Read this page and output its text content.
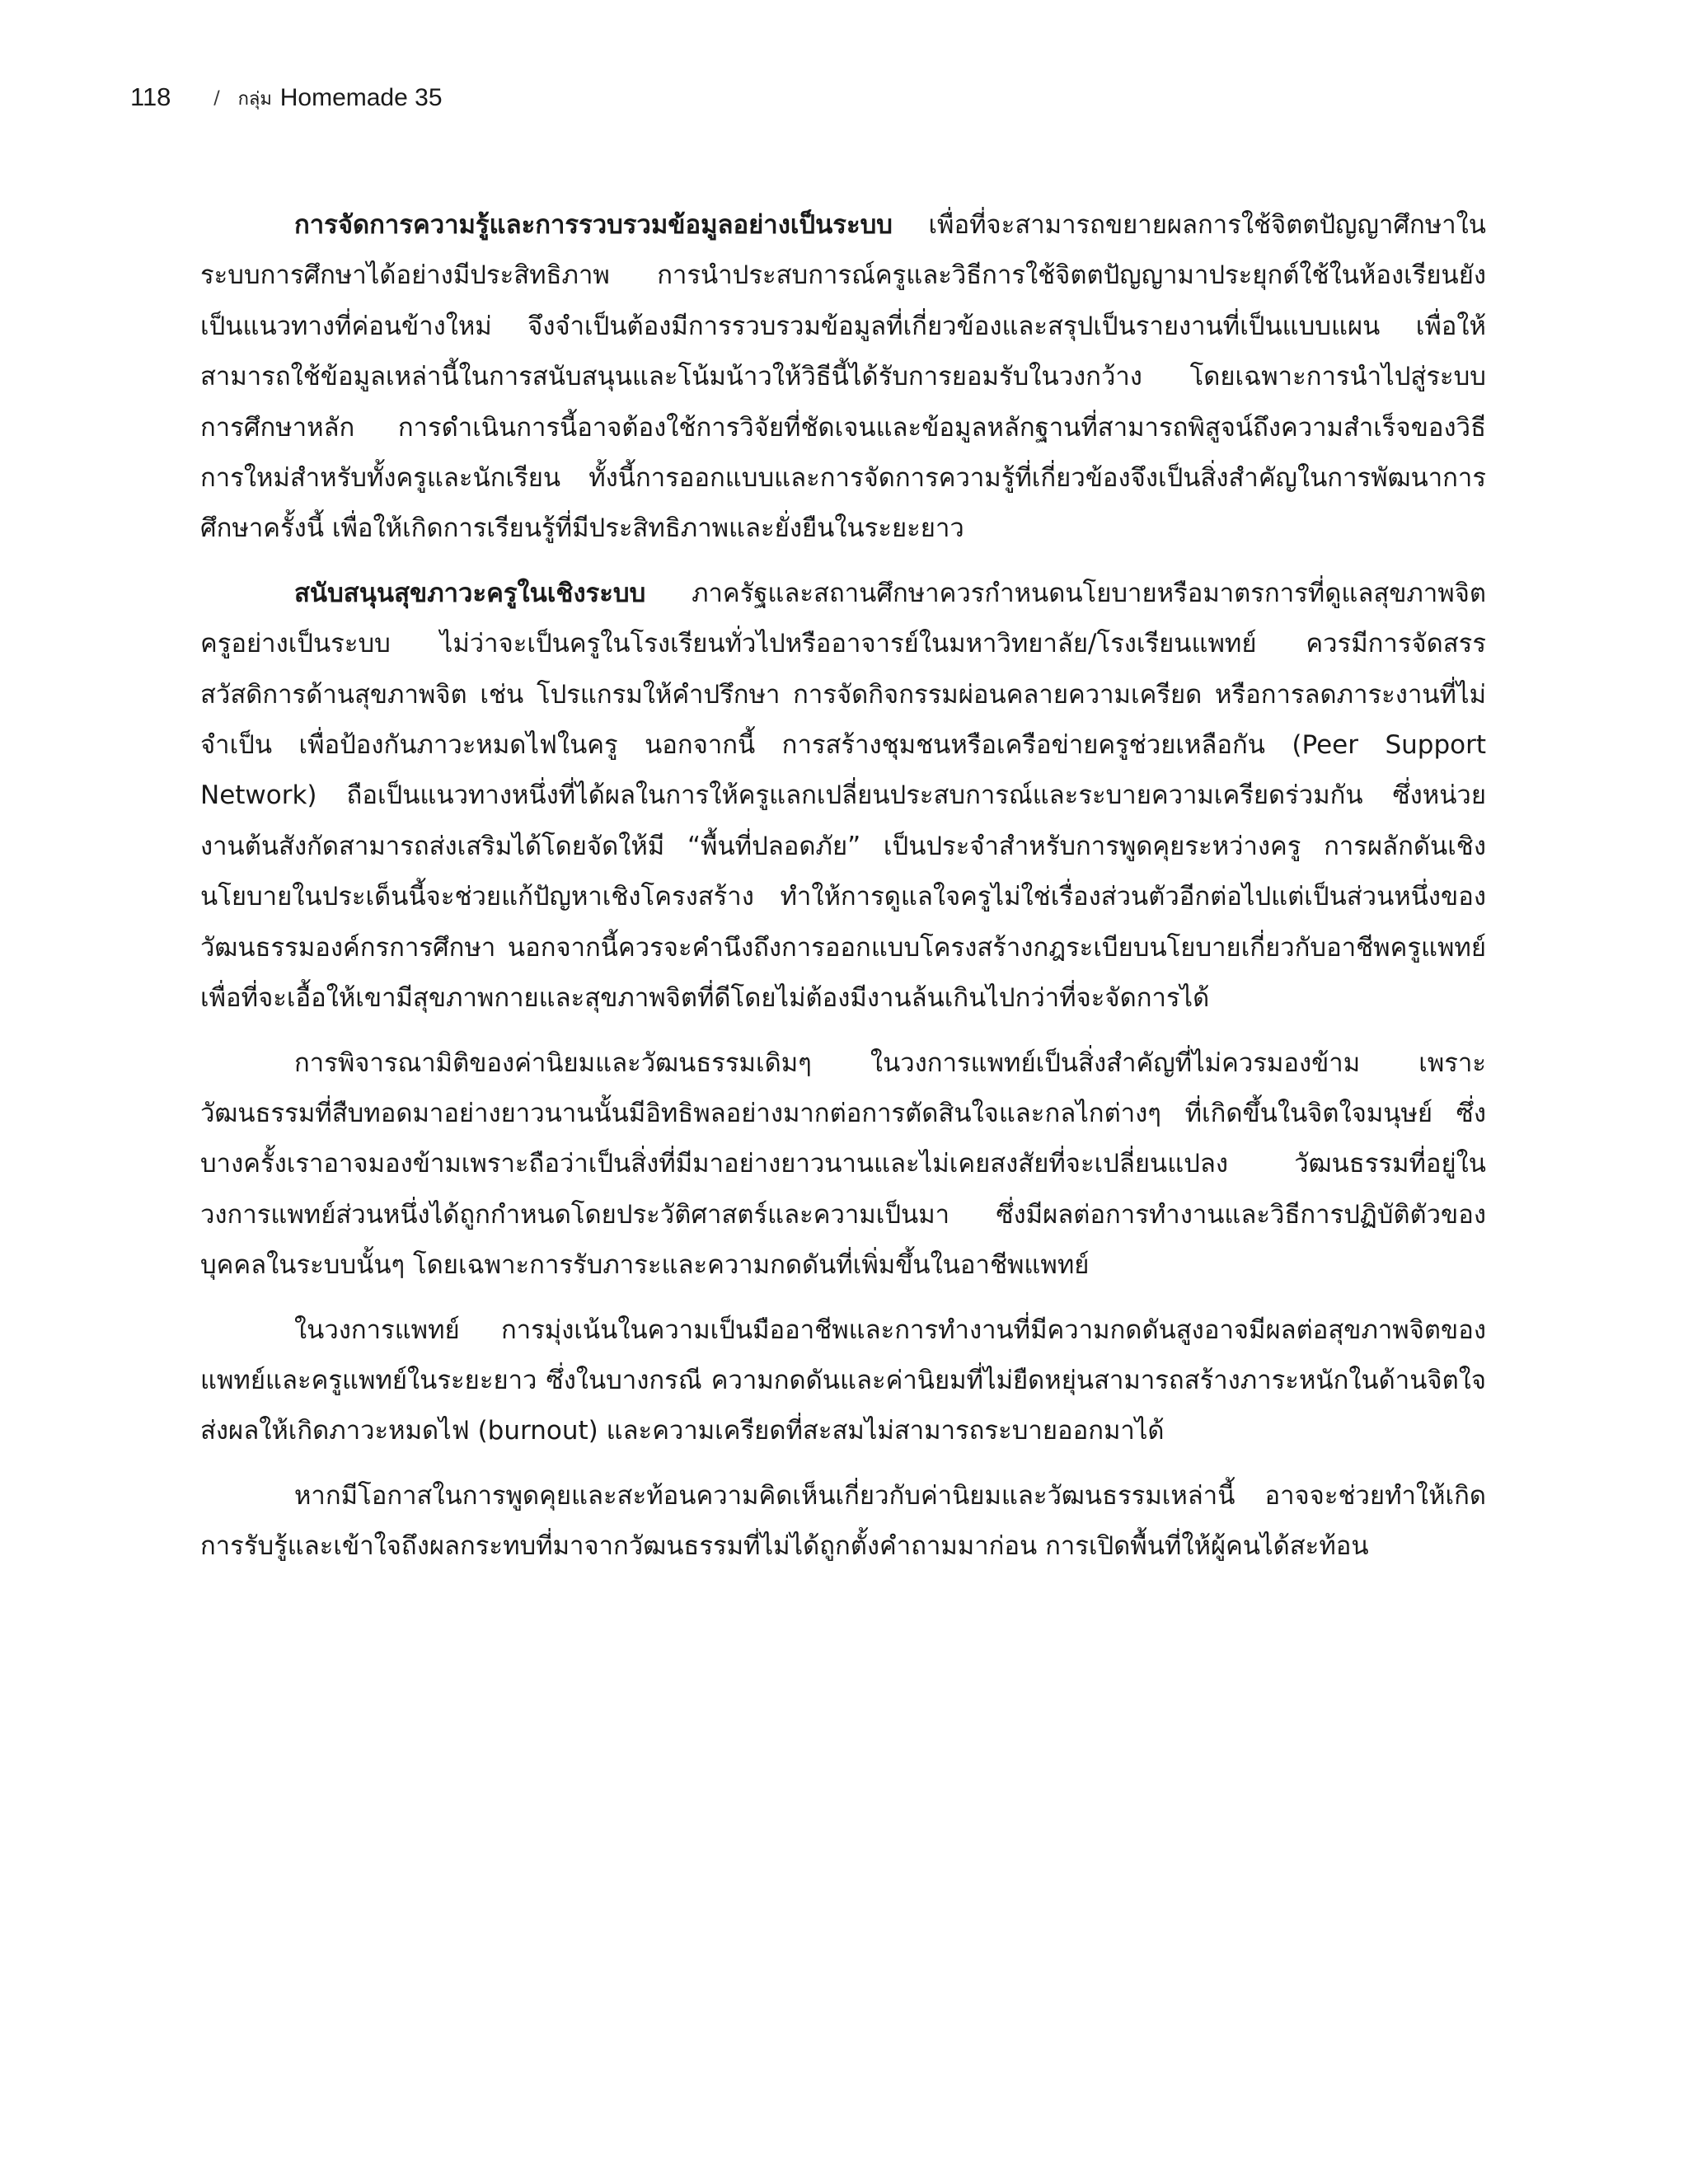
118 / กลุ่ม Homemade 35

การจัดการความรู้และการรวบรวมข้อมูลอย่างเป็นระบบ เพื่อที่จะสามารถขยายผลการใช้จิตตปัญญาศึกษาในระบบการศึกษาได้อย่างมีประสิทธิภาพ การนำประสบการณ์ครูและวิธีการใช้จิตตปัญญามาประยุกต์ใช้ในห้องเรียนยังเป็นแนวทางที่ค่อนข้างใหม่ จึงจำเป็นต้องมีการรวบรวมข้อมูลที่เกี่ยวข้องและสรุปเป็นรายงานที่เป็นแบบแผน เพื่อให้สามารถใช้ข้อมูลเหล่านี้ในการสนับสนุนและโน้มน้าวให้วิธีนี้ได้รับการยอมรับในวงกว้าง โดยเฉพาะการนำไปสู่ระบบการศึกษาหลัก การดำเนินการนี้อาจต้องใช้การวิจัยที่ชัดเจนและข้อมูลหลักฐานที่สามารถพิสูจน์ถึงความสำเร็จของวิธีการใหม่สำหรับทั้งครูและนักเรียน ทั้งนี้การออกแบบและการจัดการความรู้ที่เกี่ยวข้องจึงเป็นสิ่งสำคัญในการพัฒนาการศึกษาครั้งนี้ เพื่อให้เกิดการเรียนรู้ที่มีประสิทธิภาพและยั่งยืนในระยะยาว

สนับสนุนสุขภาวะครูในเชิงระบบ ภาครัฐและสถานศึกษาควรกำหนดนโยบายหรือมาตรการที่ดูแลสุขภาพจิตครูอย่างเป็นระบบ ไม่ว่าจะเป็นครูในโรงเรียนทั่วไปหรืออาจารย์ในมหาวิทยาลัย/โรงเรียนแพทย์ ควรมีการจัดสรรสวัสดิการด้านสุขภาพจิต เช่น โปรแกรมให้คำปรึกษา การจัดกิจกรรมผ่อนคลายความเครียด หรือการลดภาระงานที่ไม่จำเป็น เพื่อป้องกันภาวะหมดไฟในครู นอกจากนี้ การสร้างชุมชนหรือเครือข่ายครูช่วยเหลือกัน (Peer Support Network) ถือเป็นแนวทางหนึ่งที่ได้ผลในการให้ครูแลกเปลี่ยนประสบการณ์และระบายความเครียดร่วมกัน ซึ่งหน่วยงานต้นสังกัดสามารถส่งเสริมได้โดยจัดให้มี “พื้นที่ปลอดภัย” เป็นประจำสำหรับการพูดคุยระหว่างครู การผลักดันเชิงนโยบายในประเด็นนี้จะช่วยแก้ปัญหาเชิงโครงสร้าง ทำให้การดูแลใจครูไม่ใช่เรื่องส่วนตัวอีกต่อไปแต่เป็นส่วนหนึ่งของวัฒนธรรมองค์กรการศึกษา นอกจากนี้ควรจะคำนึงถึงการออกแบบโครงสร้างกฎระเบียบนโยบายเกี่ยวกับอาชีพครูแพทย์เพื่อที่จะเอื้อให้เขามีสุขภาพกายและสุขภาพจิตที่ดีโดยไม่ต้องมีงานล้นเกินไปกว่าที่จะจัดการได้

การพิจารณามิติของค่านิยมและวัฒนธรรมเดิมๆ ในวงการแพทย์เป็นสิ่งสำคัญที่ไม่ควรมองข้าม เพราะวัฒนธรรมที่สืบทอดมาอย่างยาวนานนั้นมีอิทธิพลอย่างมากต่อการตัดสินใจและกลไกต่างๆ ที่เกิดขึ้นในจิตใจมนุษย์ ซึ่งบางครั้งเราอาจมองข้ามเพราะถือว่าเป็นสิ่งที่มีมาอย่างยาวนานและไม่เคยสงสัยที่จะเปลี่ยนแปลง วัฒนธรรมที่อยู่ในวงการแพทย์ส่วนหนึ่งได้ถูกกำหนดโดยประวัติศาสตร์และความเป็นมา ซึ่งมีผลต่อการทำงานและวิธีการปฏิบัติตัวของบุคคลในระบบนั้นๆ โดยเฉพาะการรับภาระและความกดดันที่เพิ่มขึ้นในอาชีพแพทย์

ในวงการแพทย์ การมุ่งเน้นในความเป็นมืออาชีพและการทำงานที่มีความกดดันสูงอาจมีผลต่อสุขภาพจิตของแพทย์และครูแพทย์ในระยะยาว ซึ่งในบางกรณี ความกดดันและค่านิยมที่ไม่ยืดหยุ่นสามารถสร้างภาระหนักในด้านจิตใจ ส่งผลให้เกิดภาวะหมดไฟ (burnout) และความเครียดที่สะสมไม่สามารถระบายออกมาได้

หากมีโอกาสในการพูดคุยและสะท้อนความคิดเห็นเกี่ยวกับค่านิยมและวัฒนธรรมเหล่านี้ อาจจะช่วยทำให้เกิดการรับรู้และเข้าใจถึงผลกระทบที่มาจากวัฒนธรรมที่ไม่ได้ถูกตั้งคำถามมาก่อน การเปิดพื้นที่ให้ผู้คนได้สะท้อน
